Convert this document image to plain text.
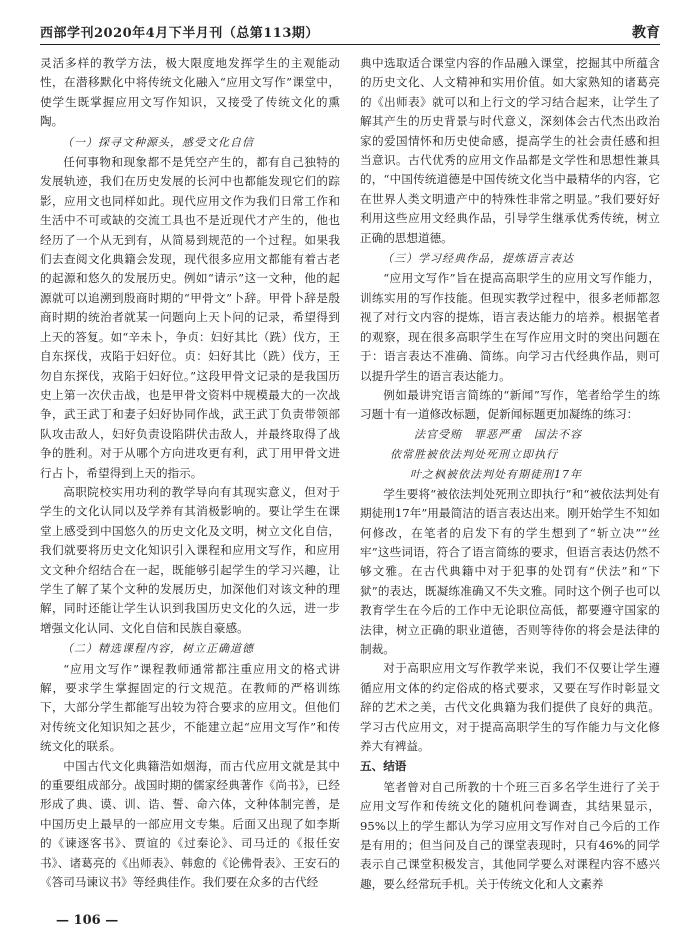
西部学刊2020年4月下半月刊（总第113期）	教育

灵活多样的教学方法，极大限度地发挥学生的主观能动性，在潜移默化中将传统文化融入“应用文写作”课堂中，使学生既掌握应用文写作知识，又接受了传统文化的熏陶。

（一）探寻文种源头，感受文化自信

任何事物和现象都不是凭空产生的，都有自己独特的发展轨迹，我们在历史发展的长河中也都能发现它们的踪影，应用文也同样如此。现代应用文作为我们日常工作和生活中不可或缺的交流工具也不是近现代才产生的，他也经历了一个从无到有，从简易到规范的一个过程。如果我们去查阅文化典籍会发现，现代很多应用文都能有着古老的起源和悠久的发展历史。例如“请示”这一文种，他的起源就可以追溯到殷商时期的“甲骨文”卜辞。甲骨卜辞是殷商时期的统治者就某一问题向上天卜问的记录，希望得到上天的答复。如“辛未卜，争贞：妇好其比（跣）伐方，王自东探伐，戎陷于妇好位。贞：妇好其比（跣）伐方，王勿自东探伐，戎陷于妇好位。”这段甲骨文记录的是我国历史上第一次伏击战，也是甲骨文资料中规模最大的一次战争，武王武丁和妻子妇好协同作战，武王武丁负责带领部队攻击敌人，妇好负责设陷阱伏击敌人，并最终取得了战争的胜利。对于从哪个方向进攻更有利，武丁用甲骨文进行占卜，希望得到上天的指示。

高职院校实用功利的教学导向有其现实意义，但对于学生的文化认同以及学养有其消极影响的。要让学生在课堂上感受到中国悠久的历史文化及文明，树立文化自信，我们就要将历史文化知识引入课程和应用文写作，和应用文文种介绍结合在一起，既能够引起学生的学习兴趣，让学生了解了某个文种的发展历史，加深他们对该文种的理解，同时还能让学生认识到我国历史文化的久远，进一步增强文化认同、文化自信和民族自豪感。

（二）精选课程内容，树立正确道德

“应用文写作”课程教师通常都注重应用文的格式讲解，要求学生掌握固定的行文规范。在教师的严格训练下，大部分学生都能写出较为符合要求的应用文。但他们对传统文化知识知之甚少，不能建立起“应用文写作”和传统文化的联系。

中国古代文化典籍浩如烟海，而古代应用文就是其中的重要组成部分。战国时期的儒家经典著作《尚书》，已经形成了典、谟、训、诰、誓、命六体，文种体制完善，是中国历史上最早的一部应用文专集。后面又出现了如李斯的《谏逐客书》、贾谊的《过秦论》、司马迁的《报任安书》、诸葛亮的《出师表》、韩愈的《论佛骨表》、王安石的《答司马谏议书》等经典佳作。我们要在众多的古代经

典中选取适合课堂内容的作品融入课堂，挖掘其中所蕴含的历史文化、人文精神和实用价值。如大家熟知的诸葛亮的《出师表》就可以和上行文的学习结合起来，让学生了解其产生的历史背景与时代意义，深刻体会古代杰出政治家的爱国情怀和历史使命感，提高学生的社会责任感和担当意识。古代优秀的应用文作品都是文学性和思想性兼具的，“中国传统道德是中国传统文化当中最精华的内容，它在世界人类文明遗产中的特殊性非常之明显。”我们要好好利用这些应用文经典作品，引导学生继承优秀传统，树立正确的思想道德。

（三）学习经典作品，提炼语言表达

“应用文写作”旨在提高高职学生的应用文写作能力，训练实用的写作技能。但现实教学过程中，很多老师都忽视了对行文内容的提炼，语言表达能力的培养。根据笔者的观察，现在很多高职学生在写作应用文时的突出问题在于：语言表达不准确、简练。向学习古代经典作品，则可以提升学生的语言表达能力。

例如最讲究语言简练的“新闻”写作，笔者给学生的练习题十有一道修改标题，促新闻标题更加凝练的练习：

法官受贿　罪恶严重　国法不容
依常胜被依法判处死刑立即执行
叶之枫被依法判处有期徒刑17年

学生要将“被依法判处死刑立即执行”和“被依法判处有期徒刑17年”用最简洁的语言表达出来。刚开始学生不知如何修改，在笔者的启发下有的学生想到了“斩立决”“丝牢”这些词语，符合了语言简练的要求，但语言表达仍然不够文雅。在古代典籍中对于犯事的处罚有“伏法”和“下狱”的表达，既凝练准确又不失文雅。同时这个例子也可以教育学生在今后的工作中无论职位高低，都要遵守国家的法律，树立正确的职业道德，否则等待你的将会是法律的制裁。

对于高职应用文写作教学来说，我们不仅要让学生遵循应用文体的约定俗成的格式要求，又要在写作时彰显文辞的艺术之美，古代文化典籍为我们提供了良好的典范。学习古代应用文，对于提高高职学生的写作能力与文化修养大有裨益。

五、结语

笔者曾对自己所教的十个班三百多名学生进行了关于应用文写作和传统文化的随机问卷调查，其结果显示，95%以上的学生都认为学习应用文写作对自己今后的工作是有用的；但当问及自己的课堂表现时，只有46%的同学表示自己课堂积极发言，其他同学要么对课程内容不感兴趣，要么经常玩手机。关于传统文化和人文素养

— 106 —
